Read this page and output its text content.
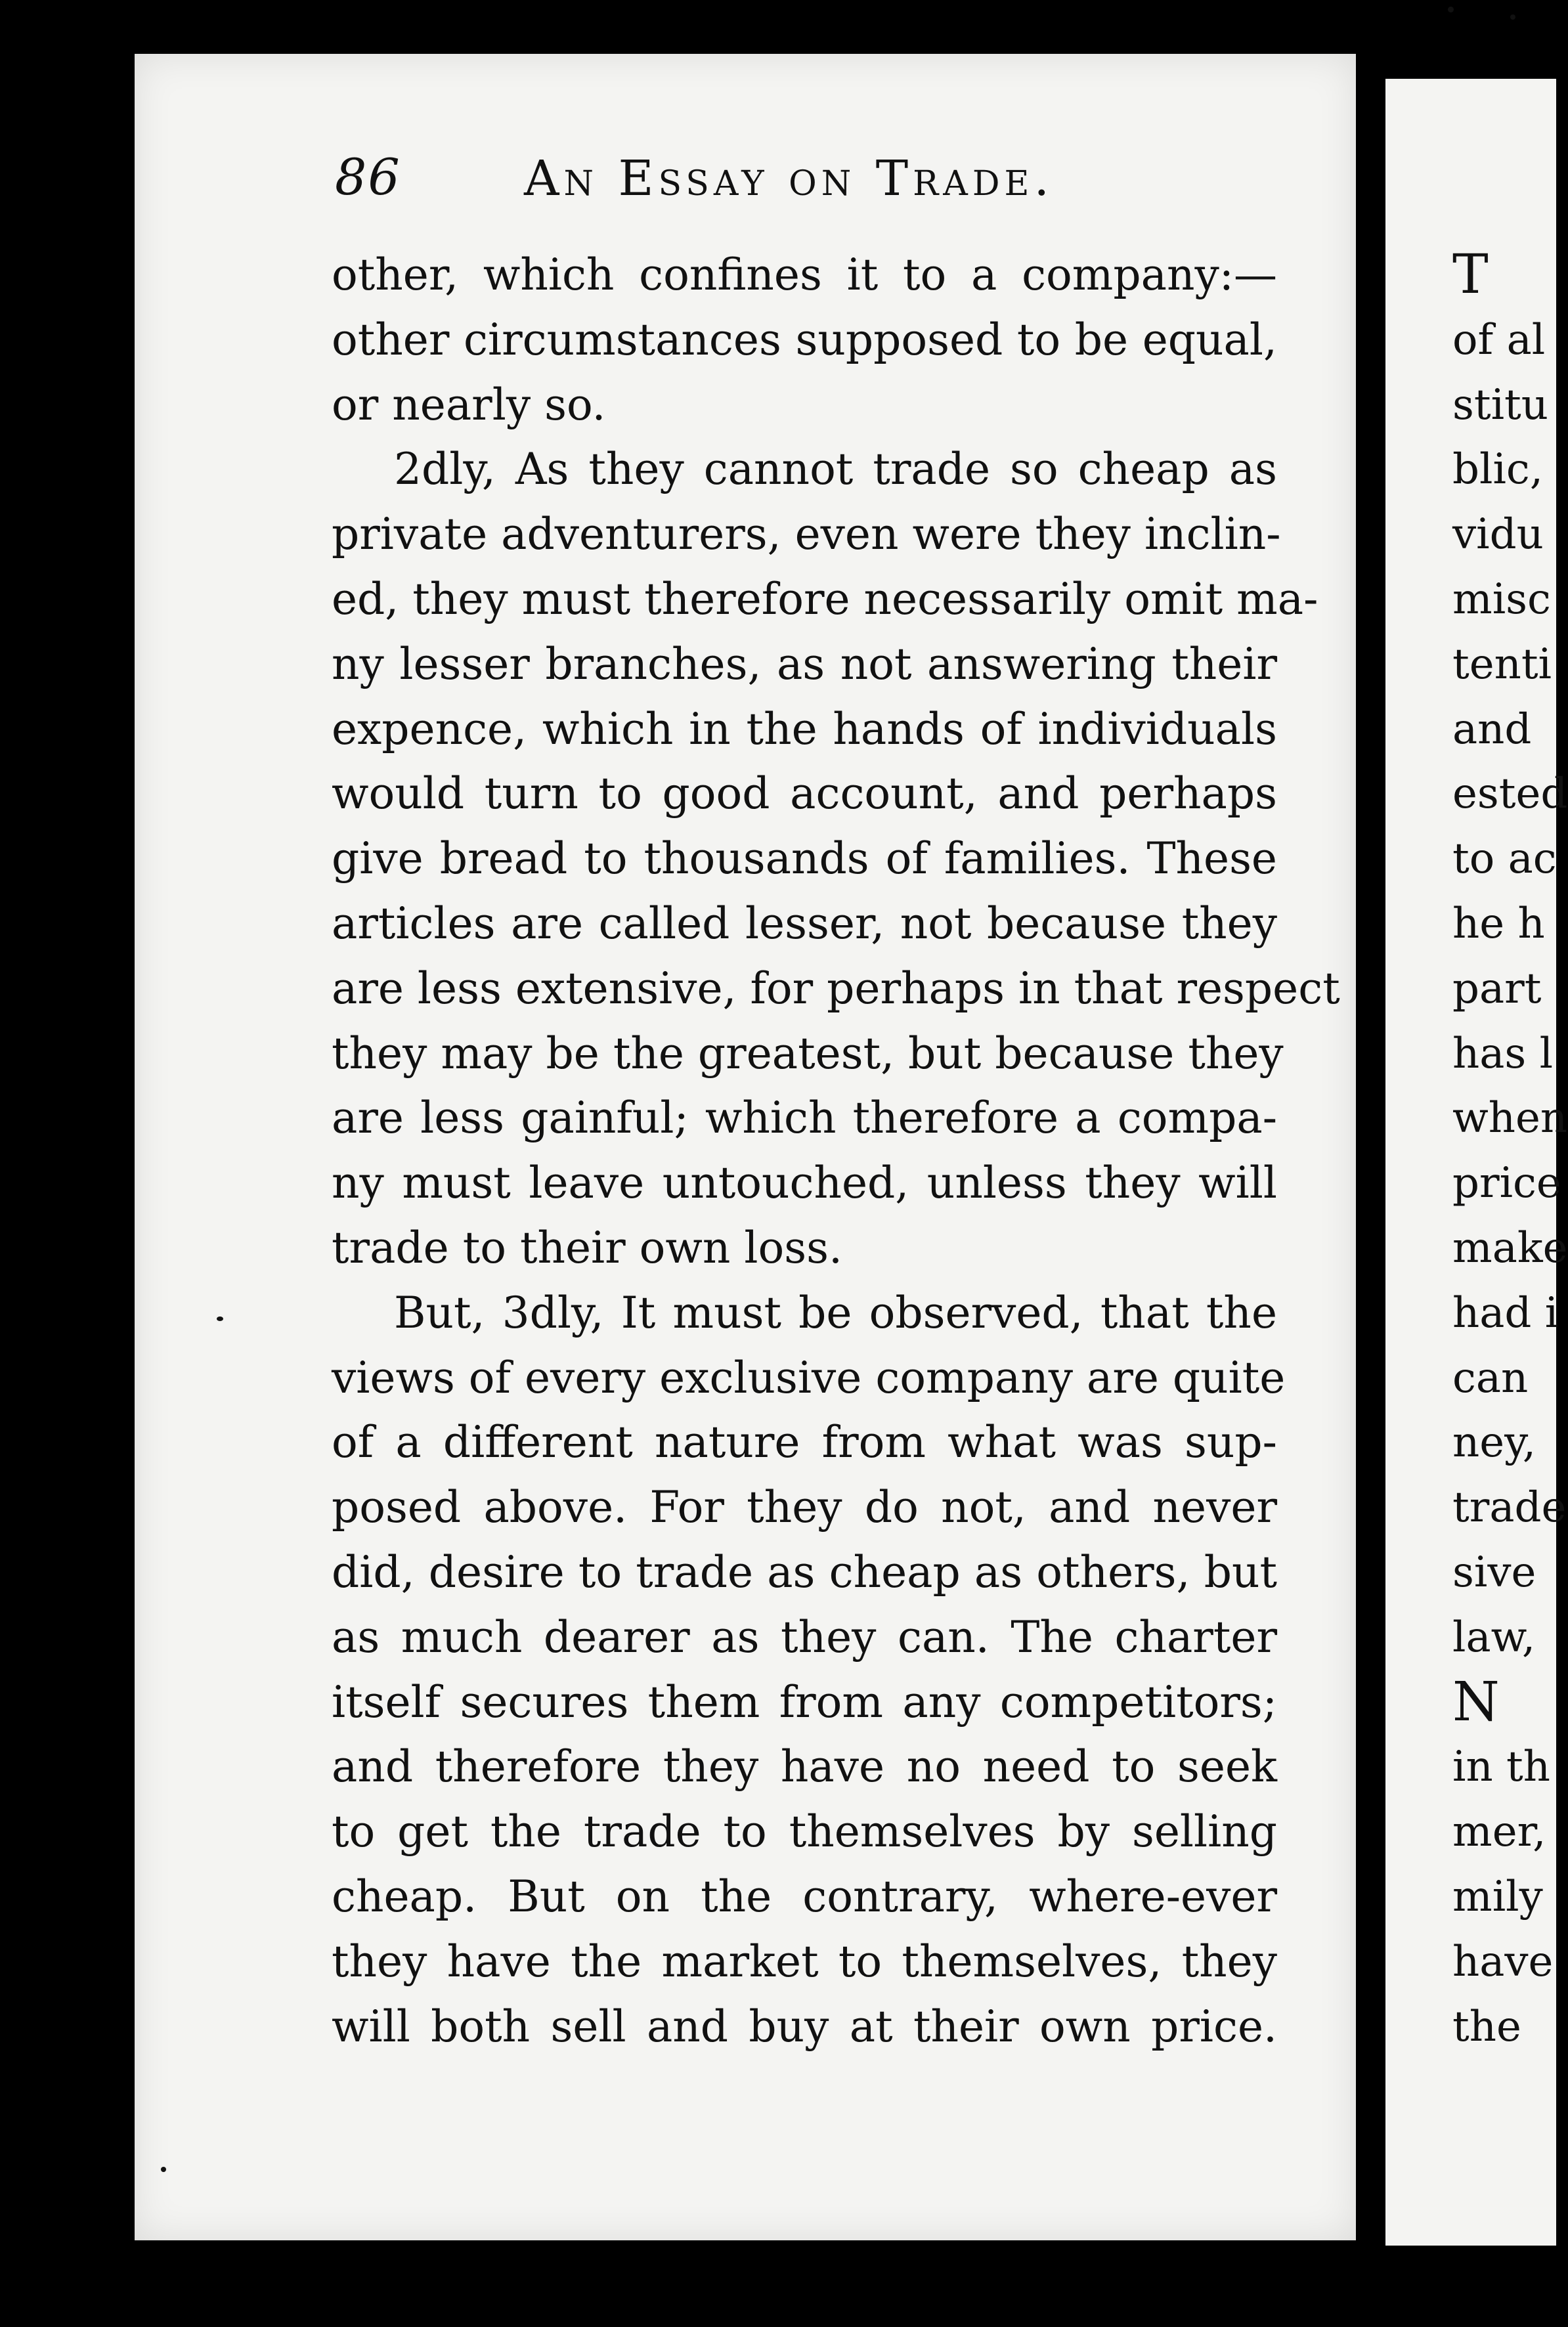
86	An Essay on Trade.
other, which confines it to a company:—
other circumstances supposed to be equal,
or nearly so.
2dly, As they cannot trade so cheap as
private adventurers, even were they inclin-
ed, they must therefore necessarily omit ma-
ny lesser branches, as not answering their
expence, which in the hands of individuals
would turn to good account, and perhaps
give bread to thousands of families. These
articles are called lesser, not because they
are less extensive, for perhaps in that respect
they may be the greatest, but because they
are less gainful; which therefore a compa-
ny must leave untouched, unless they will
trade to their own loss.
But, 3dly, It must be observed, that the
views of every exclusive company are quite
of a different nature from what was sup-
posed above. For they do not, and never
did, desire to trade as cheap as others, but
as much dearer as they can. The charter
itself secures them from any competitors;
and therefore they have no need to seek
to get the trade to themselves by selling
cheap. But on the contrary, where-ever
they have the market to themselves, they
will both sell and buy at their own price.
T
of al
stitu
blic,
vidu
misc
tenti
and
ested
to ac
he h
part
has l
when
price
make
had i
can
ney,
trade
sive
law,
N
in th
mer,
mily
have
the
